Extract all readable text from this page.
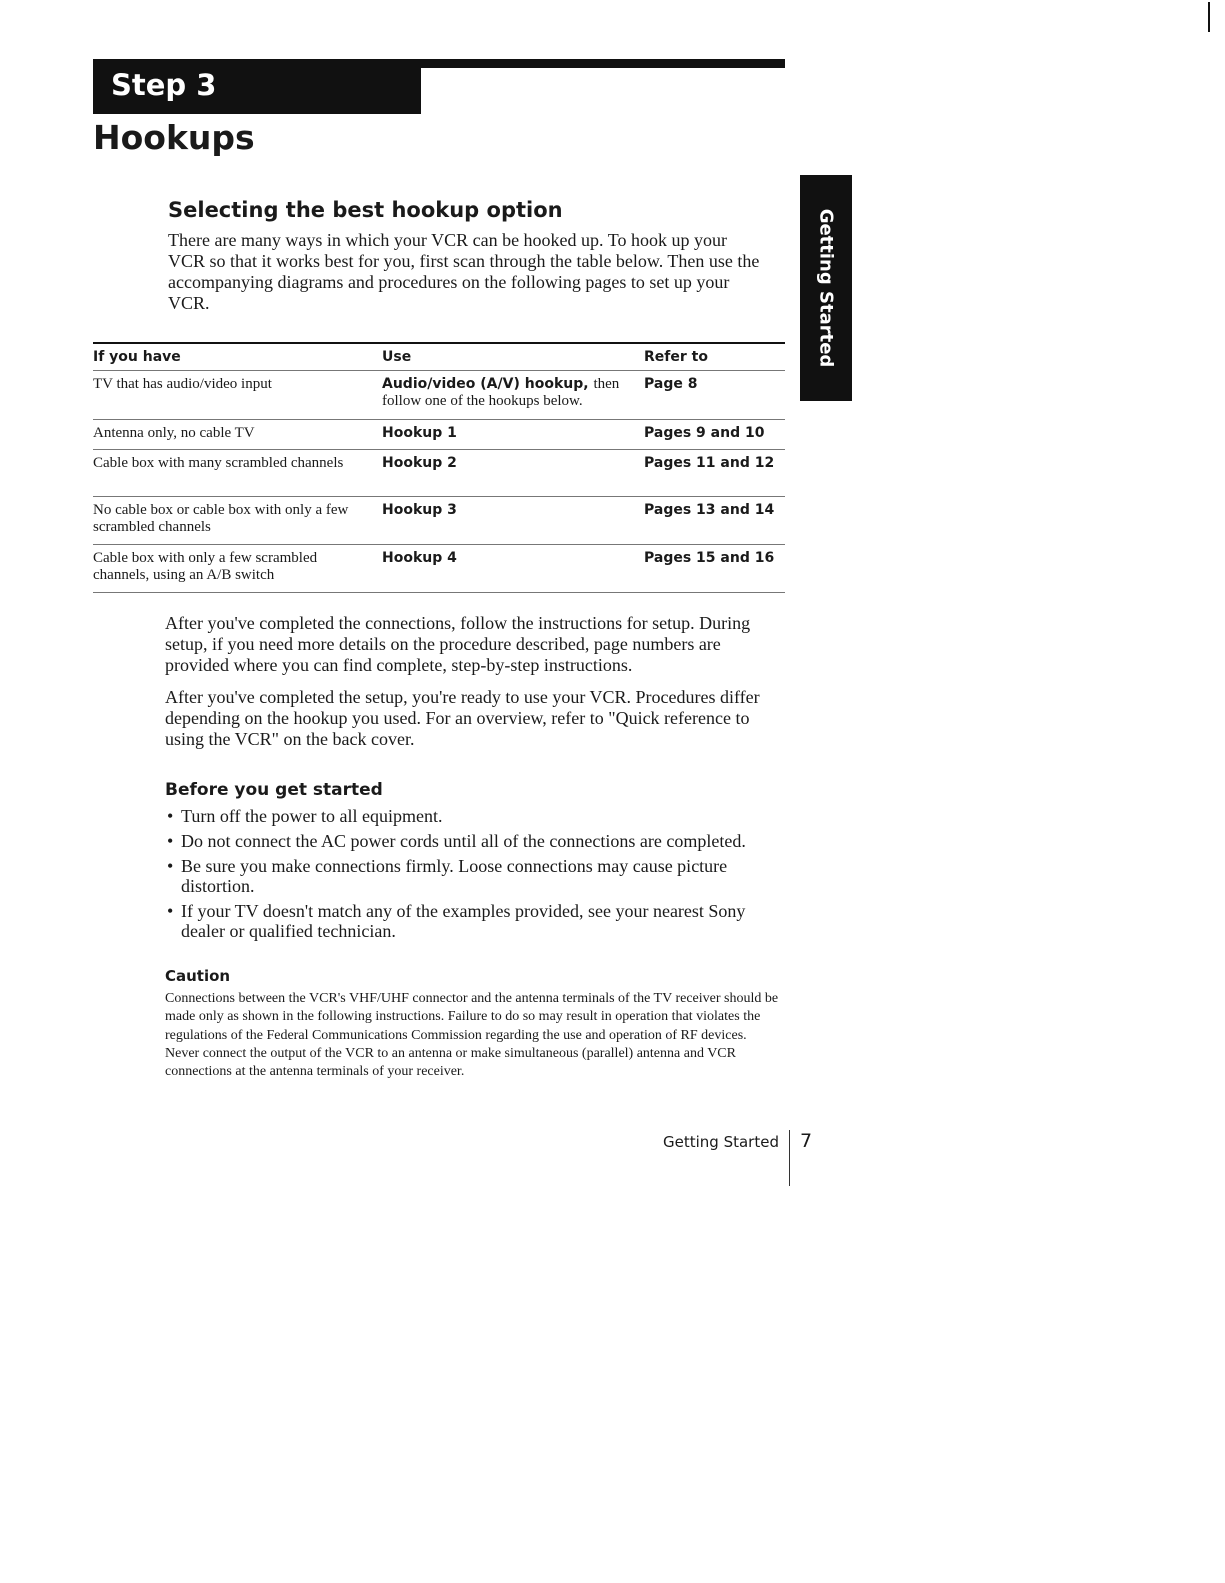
Step 3
Hookups
Getting Started
Selecting the best hookup option

There are many ways in which your VCR can be hooked up. To hook up your VCR so that it works best for you, first scan through the table below. Then use the accompanying diagrams and procedures on the following pages to set up your VCR.

If you have	Use	Refer to
TV that has audio/video input	Audio/video (A/V) hookup, then follow one of the hookups below.	Page 8
Antenna only, no cable TV	Hookup 1	Pages 9 and 10
Cable box with many scrambled channels	Hookup 2	Pages 11 and 12
No cable box or cable box with only a few scrambled channels	Hookup 3	Pages 13 and 14
Cable box with only a few scrambled channels, using an A/B switch	Hookup 4	Pages 15 and 16

After you've completed the connections, follow the instructions for setup. During setup, if you need more details on the procedure described, page numbers are provided where you can find complete, step-by-step instructions.

After you've completed the setup, you're ready to use your VCR. Procedures differ depending on the hookup you used. For an overview, refer to "Quick reference to using the VCR" on the back cover.

Before you get started
• Turn off the power to all equipment.
• Do not connect the AC power cords until all of the connections are completed.
• Be sure you make connections firmly. Loose connections may cause picture distortion.
• If your TV doesn't match any of the examples provided, see your nearest Sony dealer or qualified technician.
Caution

Connections between the VCR's VHF/UHF connector and the antenna terminals of the TV receiver should be made only as shown in the following instructions. Failure to do so may result in operation that violates the regulations of the Federal Communications Commission regarding the use and operation of RF devices. Never connect the output of the VCR to an antenna or make simultaneous (parallel) antenna and VCR connections at the antenna terminals of your receiver.

Getting Started 7
